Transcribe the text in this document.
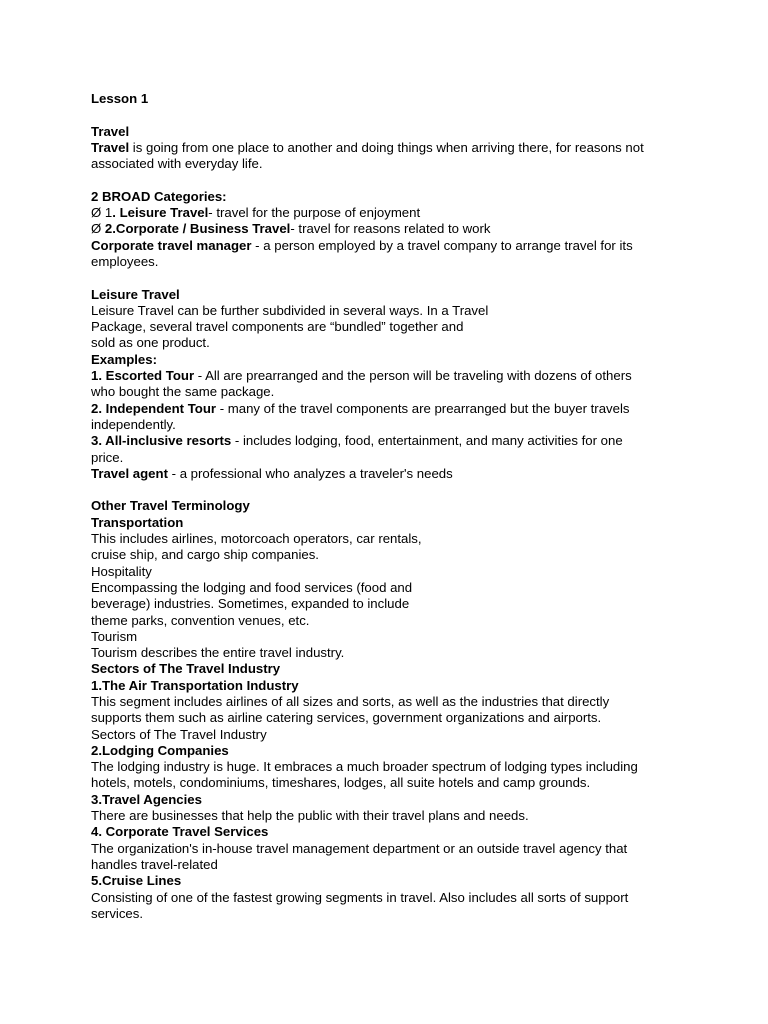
Lesson 1
Travel
Travel is going from one place to another and doing things when arriving there, for reasons not
associated with everyday life.
2 BROAD Categories:
Ø 1. Leisure Travel- travel for the purpose of enjoyment
Ø 2.Corporate / Business Travel- travel for reasons related to work
Corporate travel manager - a person employed by a travel company to arrange travel for its
employees.
Leisure Travel
Leisure Travel can be further subdivided in several ways. In a Travel
Package, several travel components are “bundled” together and
sold as one product.
Examples:
1. Escorted Tour - All are prearranged and the person will be traveling with dozens of others
who bought the same package.
2. Independent Tour - many of the travel components are prearranged but the buyer travels
independently.
3. All-inclusive resorts - includes lodging, food, entertainment, and many activities for one
price.
Travel agent - a professional who analyzes a traveler's needs
Other Travel Terminology
Transportation
This includes airlines, motorcoach operators, car rentals,
cruise ship, and cargo ship companies.
Hospitality
Encompassing the lodging and food services (food and
beverage) industries. Sometimes, expanded to include
theme parks, convention venues, etc.
Tourism
Tourism describes the entire travel industry.
Sectors of The Travel Industry
1.The Air Transportation Industry
This segment includes airlines of all sizes and sorts, as well as the industries that directly
supports them such as airline catering services, government organizations and airports.
Sectors of The Travel Industry
2.Lodging Companies
The lodging industry is huge. It embraces a much broader spectrum of lodging types including
hotels, motels, condominiums, timeshares, lodges, all suite hotels and camp grounds.
3.Travel Agencies
There are businesses that help the public with their travel plans and needs.
4. Corporate Travel Services
The organization's in-house travel management department or an outside travel agency that
handles travel-related
5.Cruise Lines
Consisting of one of the fastest growing segments in travel. Also includes all sorts of support
services.
